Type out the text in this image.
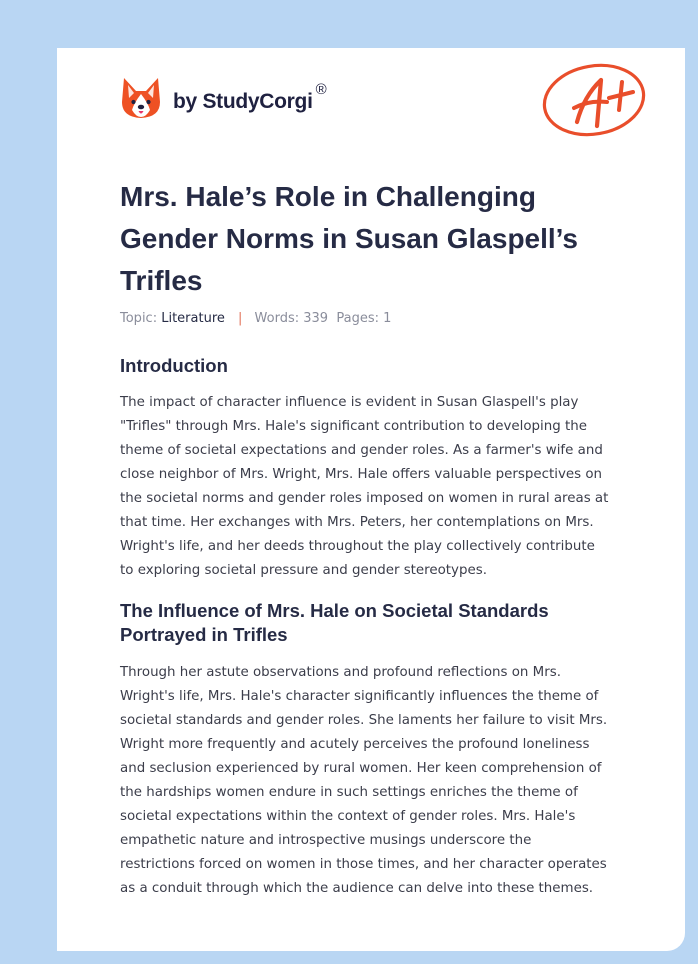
by StudyCorgi
®
A+
Mrs. Hale’s Role in Challenging Gender Norms in Susan Glaspell’s Trifles
Topic: Literature | Words: 339 Pages: 1
Introduction

The impact of character influence is evident in Susan Glaspell's play
"Trifles" through Mrs. Hale's significant contribution to developing the
theme of societal expectations and gender roles. As a farmer's wife and
close neighbor of Mrs. Wright, Mrs. Hale offers valuable perspectives on
the societal norms and gender roles imposed on women in rural areas at
that time. Her exchanges with Mrs. Peters, her contemplations on Mrs.
Wright's life, and her deeds throughout the play collectively contribute
to exploring societal pressure and gender stereotypes.

The Influence of Mrs. Hale on Societal Standards Portrayed in Trifles

Through her astute observations and profound reflections on Mrs.
Wright's life, Mrs. Hale's character significantly influences the theme of
societal standards and gender roles. She laments her failure to visit Mrs.
Wright more frequently and acutely perceives the profound loneliness
and seclusion experienced by rural women. Her keen comprehension of
the hardships women endure in such settings enriches the theme of
societal expectations within the context of gender roles. Mrs. Hale's
empathetic nature and introspective musings underscore the
restrictions forced on women in those times, and her character operates
as a conduit through which the audience can delve into these themes.
